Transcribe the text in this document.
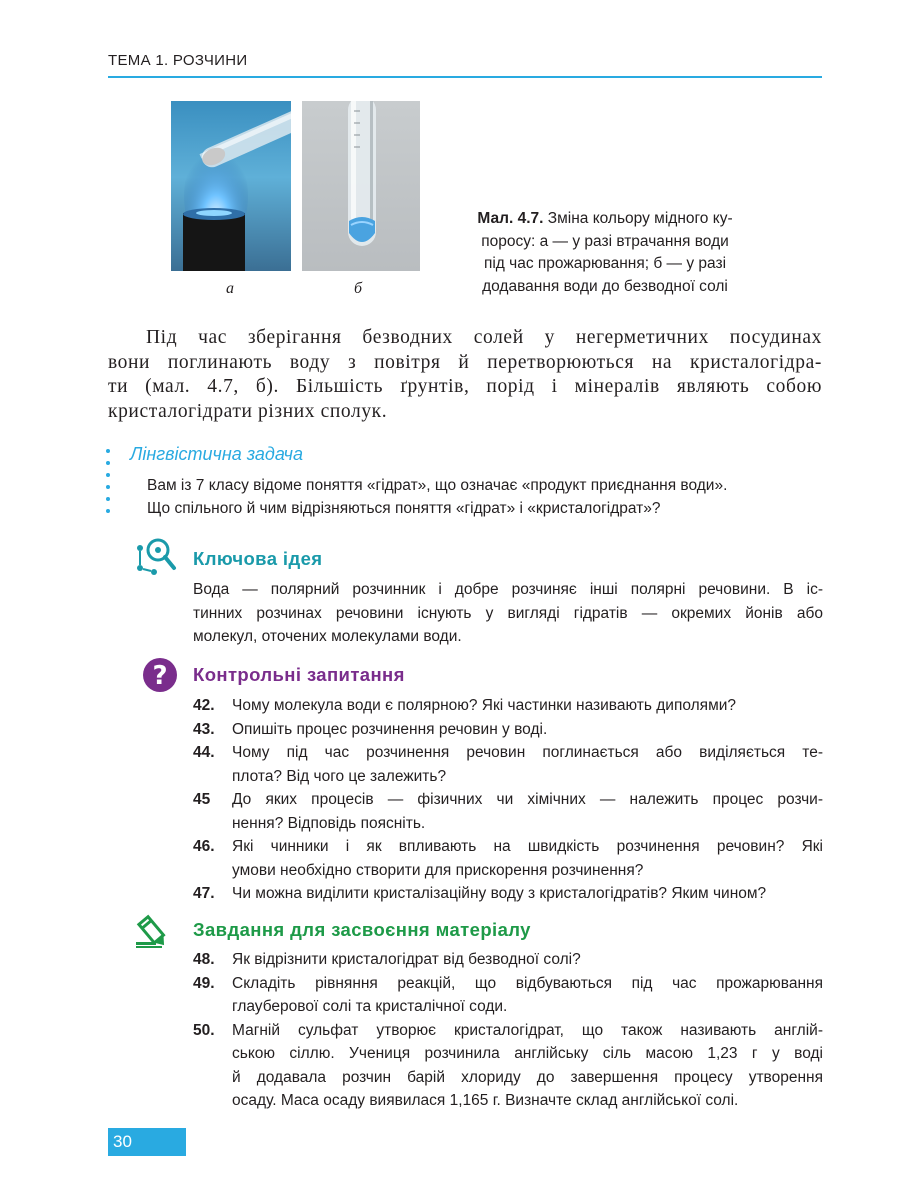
ТЕМА 1. РОЗЧИНИ
а	б
Мал. 4.7. Зміна кольору мідного ку-
поросу: а — у разі втрачання води
під час прожарювання; б — у разі
додавання води до безводної солі
Під час зберігання безводних солей у негерметичних посудинах
вони поглинають воду з повітря й перетворюються на кристалогідра-
ти (мал. 4.7, б). Більшість ґрунтів, порід і мінералів являють собою
кристалогідрати різних сполук.
Лінгвістична задача
Вам із 7 класу відоме поняття «гідрат», що означає «продукт приєднання води».
Що спільного й чим відрізняються поняття «гідрат» і «кристалогідрат»?
Ключова ідея
Вода — полярний розчинник і добре розчиняє інші полярні речовини. В іс-
тинних розчинах речовини існують у вигляді гідратів — окремих йонів або
молекул, оточених молекулами води.
? Контрольні запитання
42.	Чому молекула води є полярною? Які частинки називають диполями?
43.	Опишіть процес розчинення речовин у воді.
44.	Чому під час розчинення речовин поглинається або виділяється те-
плота? Від чого це залежить?
45	До яких процесів — фізичних чи хімічних — належить процес розчи-
нення? Відповідь поясніть.
46.	Які чинники і як впливають на швидкість розчинення речовин? Які
умови необхідно створити для прискорення розчинення?
47.	Чи можна виділити кристалізаційну воду з кристалогідратів? Яким чином?
Завдання для засвоєння матеріалу
48.	Як відрізнити кристалогідрат від безводної солі?
49.	Складіть рівняння реакцій, що відбуваються під час прожарювання
глауберової солі та кристалічної соди.
50.	Магній сульфат утворює кристалогідрат, що також називають англій-
ською сіллю. Учениця розчинила англійську сіль масою 1,23 г у воді
й додавала розчин барій хлориду до завершення процесу утворення
осаду. Маса осаду виявилася 1,165 г. Визначте склад англійської солі.
30
